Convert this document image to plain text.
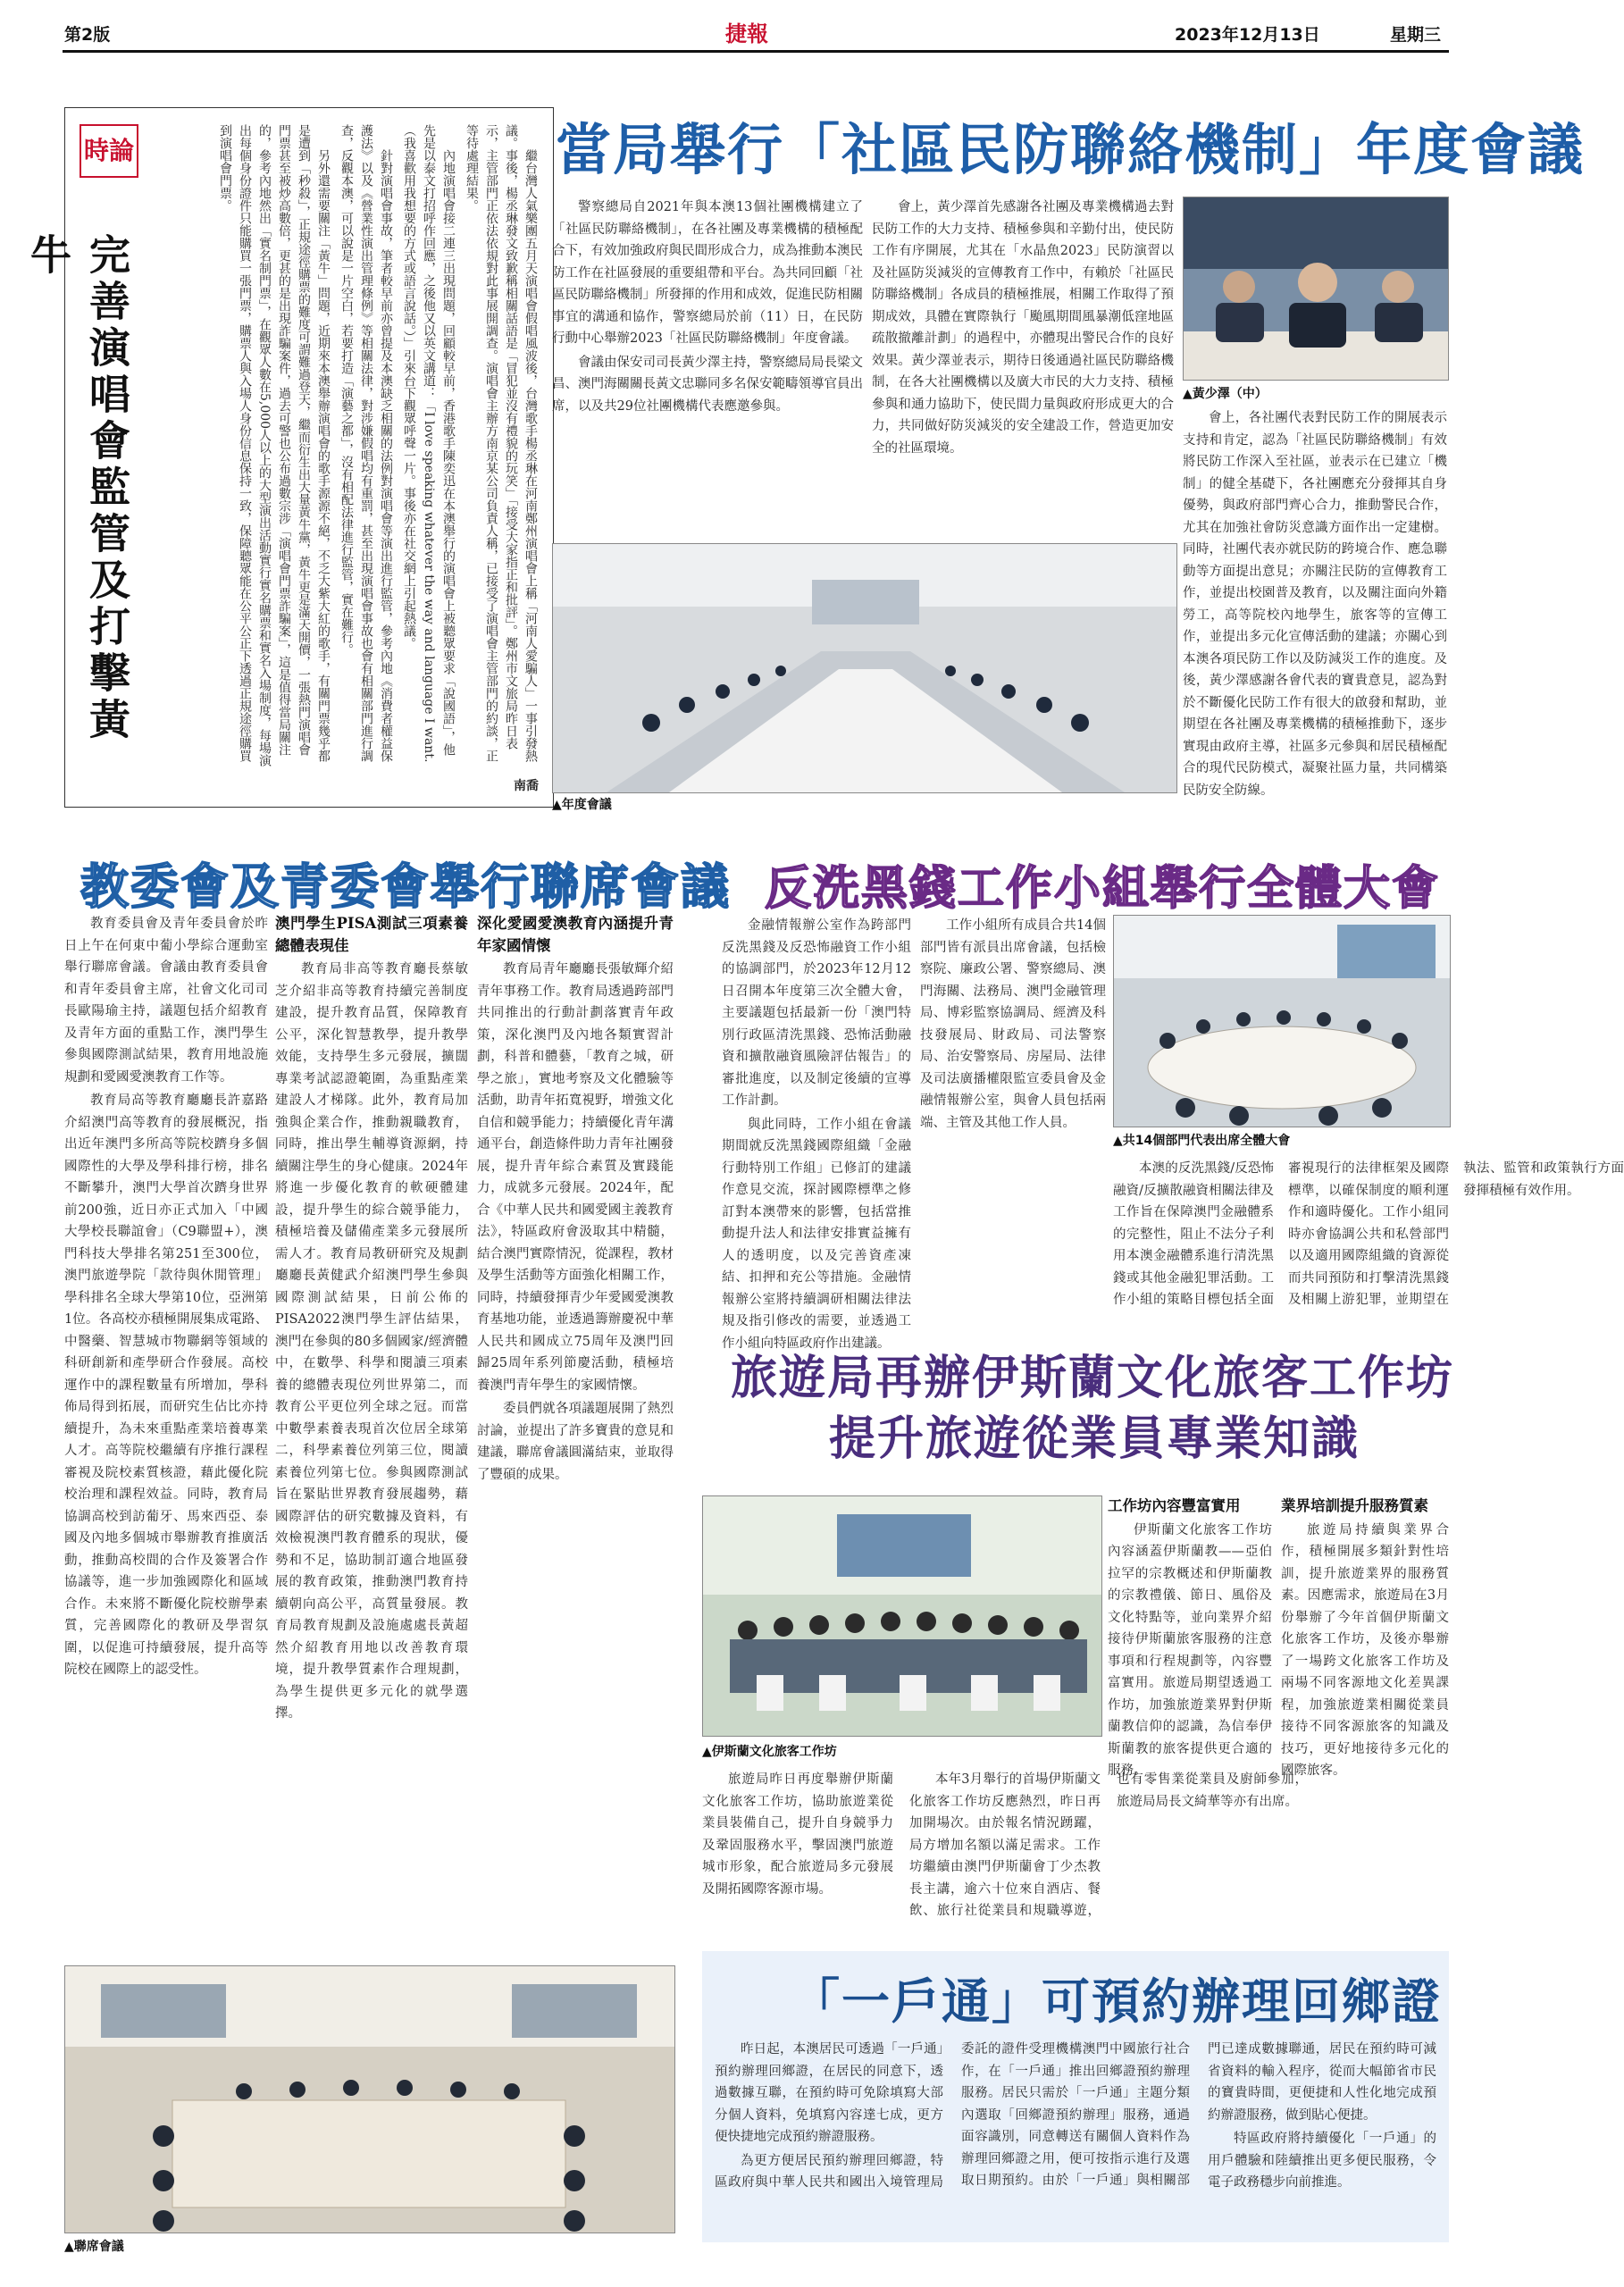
第2版	捷報	2023年12月13日	星期三
時論
完善演唱會監管及打擊黃牛	繼台灣人氣樂團五月天演唱會假唱風波後，台灣歌手楊丞琳在河南鄭州演唱會上稱「河南人愛騙人」一事引發熱議。事後，楊丞琳發文致歉稱相關話語是「冒犯並沒有禮貌的玩笑」「接受大家指正和批評」。鄭州市文旅局昨日表示，主管部門正依法依規對此事展開調查。演唱會主辦方南京某公司負責人稱，已接受了演唱會主管部門的約談，正等待處理結果。

內地演唱會接二連三出現問題，回顧較早前，香港歌手陳奕迅在本澳舉行的演唱會上被聽眾要求「說國語」，他先是以泰文打招呼作回應，之後他又以英文講道：「I love speaking whatever the way and language I want.（我喜歡用我想要的方式或語言說話。）」引來台下觀眾呼聲一片。事後亦在社交網上引起熱議。

針對演唱會事故，筆者較早前亦曾提及本澳缺乏相關的法例對演唱會等演出進行監管，參考內地《消費者權益保護法》以及《營業性演出管理條例》等相關法律，對涉嫌假唱均有重罰，甚至出現演唱會事故也會有相關部門進行調查，反觀本澳，可以說是一片空白，若要打造「演藝之都」，沒有相配法律進行監管，實在難行。

另外還需要關注「黃牛」問題，近期來本澳舉辦演唱會的歌手源源不絕，不乏大紫大紅的歌手，有關門票幾乎都是遭到「秒殺」，正規途徑購票的難度可謂難過登天，繼而衍生出大量黃牛黨，黃牛更是滿天開價，一張熱門演唱會門票甚至被炒高數倍，更甚的是出現詐騙案件，過去可警也公布過數宗涉「演唱會門票詐騙案」，這是值得當局關注的，參考內地然出「實名制門票」，在觀眾人數在5,000人以上的大型演出活動實行實名購票和實名入場制度，每場演出每個身份證件只能購買一張門票，購票人與入場人身份信息保持一致，保障聽眾能在公平公正下透過正規途徑購買到演唱會門票。

南喬
當局舉行「社區民防聯絡機制」年度會議

警察總局自2021年與本澳13個社團機構建立了「社區民防聯絡機制」，在各社團及專業機構的積極配合下，有效加強政府與民間形成合力，成為推動本澳民防工作在社區發展的重要組帶和平台。為共同回顧「社區民防聯絡機制」所發揮的作用和成效，促進民防相關事宜的溝通和協作，警察總局於前（11）日，在民防行動中心舉辦2023「社區民防聯絡機制」年度會議。

會議由保安司司長黃少澤主持，警察總局局長梁文昌、澳門海關關長黃文忠聯同多名保安範疇領導官員出席，以及共29位社團機構代表應邀參與。

會上，黃少澤首先感謝各社團及專業機構過去對民防工作的大力支持、積極參與和辛勤付出，使民防工作有序開展，尤其在「水晶魚2023」民防演習以及社區防災減災的宣傳教育工作中，有賴於「社區民防聯絡機制」各成員的積極推展，相關工作取得了預期成效，具體在實際執行「颱風期間風暴潮低窪地區疏散撤離計劃」的過程中，亦體現出警民合作的良好效果。黃少澤並表示，期待日後通過社區民防聯絡機制，在各大社團機構以及廣大市民的大力支持、積極參與和通力協助下，使民間力量與政府形成更大的合力，共同做好防災減災的安全建設工作，營造更加安全的社區環境。

▲黃少澤（中）

會上，各社團代表對民防工作的開展表示支持和肯定，認為「社區民防聯絡機制」有效將民防工作深入至社區，並表示在已建立「機制」的健全基礎下，各社團應充分發揮其自身優勢，與政府部門齊心合力，推動警民合作，尤其在加強社會防災意識方面作出一定建樹。同時，社團代表亦就民防的跨境合作、應急聯動等方面提出意見；亦關注民防的宣傳教育工作，並提出校園普及教育，以及關注面向外籍勞工，高等院校內地學生，旅客等的宣傳工作，並提出多元化宣傳活動的建議；亦關心到本澳各項民防工作以及防減災工作的進度。及後，黃少澤感謝各會代表的寶貴意見，認為對於不斷優化民防工作有很大的啟發和幫助，並期望在各社團及專業機構的積極推動下，逐步實現由政府主導，社區多元參與和居民積極配合的現代民防模式，凝聚社區力量，共同構築民防安全防線。

▲年度會議
教委會及青委會舉行聯席會議

教育委員會及青年委員會於昨日上午在何東中葡小學綜合運動室舉行聯席會議。會議由教育委員會和青年委員會主席，社會文化司司長歐陽瑜主持，議題包括介紹教育及青年方面的重點工作，澳門學生參與國際測試結果，教育用地設施規劃和愛國愛澳教育工作等。

教育局高等教育廳廳長許嘉路介紹澳門高等教育的發展概況，指出近年澳門多所高等院校躋身多個國際性的大學及學科排行榜，排名不斷攀升，澳門大學首次躋身世界前200強，近日亦正式加入「中國大學校長聯誼會」（C9聯盟+），澳門科技大學排名第251至300位，澳門旅遊學院「款待與休閒管理」學科排名全球大學第10位，亞洲第1位。各高校亦積極開展集成電路、中醫藥、智慧城市物聯網等領域的科研創新和產學研合作發展。高校運作中的課程數量有所增加，學科佈局得到拓展，而研究生佔比亦持續提升，為未來重點產業培養專業人才。高等院校繼續有序推行課程審視及院校素質核證，藉此優化院校治理和課程效益。同時，教育局協調高校到訪葡牙、馬來西亞、泰國及內地多個城市舉辦教育推廣活動，推動高校間的合作及簽署合作協議等，進一步加強國際化和區域合作。未來將不斷優化院校辦學素質，完善國際化的教研及學習氛圍，以促進可持續發展，提升高等院校在國際上的認受性。

澳門學生PISA測試三項素養總體表現佳

教育局非高等教育廳長蔡敏芝介紹非高等教育持續完善制度建設，提升教育品質，保障教育公平，深化智慧教學，提升教學效能，支持學生多元發展，擴闊專業考試認證範圍，為重點產業建設人才梯隊。此外，教育局加強與企業合作，推動親職教育，同時，推出學生輔導資源網，持續關注學生的身心健康。2024年將進一步優化教育的軟硬體建設，提升學生的綜合競爭能力，積極培養及儲備產業多元發展所需人才。教育局教研研究及規劃廳廳長黃健武介紹澳門學生參與國際測試結果，日前公佈的PISA2022澳門學生評估結果，澳門在參與的80多個國家/經濟體中，在數學、科學和閱讀三項素養的總體表現位列世界第二，而教育公平更位列全球之冠。而當中數學素養表現首次位居全球第二，科學素養位列第三位，閱讀素養位列第七位。參與國際測試旨在緊貼世界教育發展趨勢，藉國際評估的研究數據及資料，有效檢視澳門教育體系的現狀，優勢和不足，協助制訂適合地區發展的教育政策，推動澳門教育持續朝向高公平，高質量發展。教育局教育規劃及設施處處長黃超然介紹教育用地以改善教育環境，提升教學質素作合理規劃，為學生提供更多元化的就學選擇。

深化愛國愛澳教育內涵提升青年家國情懷

教育局青年廳廳長張敏輝介紹青年事務工作。教育局透過跨部門共同推出的行動計劃落實青年政策，深化澳門及內地各類實習計劃，科普和體藝，「教育之城，研學之旅」，實地考察及文化體驗等活動，助青年拓寬視野，增強文化自信和競爭能力；持續優化青年溝通平台，創造條件助力青年社團發展，提升青年綜合素質及實踐能力，成就多元發展。2024年，配合《中華人民共和國愛國主義教育法》，特區政府會汲取其中精髓，結合澳門實際情況，從課程，教材及學生活動等方面強化相關工作，同時，持續發揮青少年愛國愛澳教育基地功能，並透過籌辦慶祝中華人民共和國成立75周年及澳門回歸25周年系列節慶活動，積極培養澳門青年學生的家國情懷。

委員們就各項議題展開了熱烈討論，並提出了許多寶貴的意見和建議，聯席會議圓滿結束，並取得了豐碩的成果。

▲聯席會議
反洗黑錢工作小組舉行全體大會

金融情報辦公室作為跨部門反洗黑錢及反恐怖融資工作小組的協調部門，於2023年12月12日召開本年度第三次全體大會，主要議題包括最新一份「澳門特別行政區清洗黑錢、恐怖活動融資和擴散融資風險評估報告」的審批進度，以及制定後續的宣導工作計劃。

與此同時，工作小組在會議期間就反洗黑錢國際組織「金融行動特別工作組」已修訂的建議作意見交流，探討國際標準之修訂對本澳帶來的影響，包括當推動提升法人和法律安排實益擁有人的透明度，以及完善資產凍結、扣押和充公等措施。金融情報辦公室將持續調研相關法律法規及指引修改的需要，並透過工作小組向特區政府作出建議。

工作小組所有成員合共14個部門皆有派員出席會議，包括檢察院、廉政公署、警察總局、澳門海關、法務局、澳門金融管理局、博彩監察協調局、經濟及科技發展局、財政局、司法警察局、治安警察局、房屋局、法律及司法廣播權限監宣委員會及金融情報辦公室，與會人員包括兩端、主管及其他工作人員。

▲共14個部門代表出席全體大會

本澳的反洗黑錢/反恐怖融資/反擴散融資相關法律及工作旨在保障澳門金融體系的完整性，阻止不法分子利用本澳金融體系進行清洗黑錢或其他金融犯罪活動。工作小組的策略目標包括全面審視現行的法律框架及國際標準，以確保制度的順利運作和適時優化。工作小組同時亦會協調公共和私營部門以及適用國際組織的資源從而共同預防和打擊清洗黑錢及相關上游犯罪，並期望在執法、監管和政策執行方面發揮積極有效作用。

旅遊局再辦伊斯蘭文化旅客工作坊
提升旅遊從業員專業知識
▲伊斯蘭文化旅客工作坊

旅遊局昨日再度舉辦伊斯蘭文化旅客工作坊，協助旅遊業從業員裝備自己，提升自身競爭力及鞏固服務水平，擊固澳門旅遊城市形象，配合旅遊局多元發展及開拓國際客源市場。

本年3月舉行的首場伊斯蘭文化旅客工作坊反應熱烈，昨日再加開場次。由於報名情況踴躍，局方增加名額以滿足需求。工作坊繼續由澳門伊斯蘭會丁少杰教長主講，逾六十位來自酒店、餐飲、旅行社從業員和規職導遊，也有零售業從業員及廚師參加，旅遊局局長文綺華等亦有出席。

工作坊內容豐富實用

伊斯蘭文化旅客工作坊內容涵蓋伊斯蘭教——亞伯拉罕的宗教概述和伊斯蘭教的宗教禮儀、節日、風俗及文化特點等，並向業界介紹接待伊斯蘭旅客服務的注意事項和行程規劃等，內容豐富實用。旅遊局期望透過工作坊，加強旅遊業界對伊斯蘭教信仰的認識，為信奉伊斯蘭教的旅客提供更合適的服務。

業界培訓提升服務質素

旅遊局持續與業界合作，積極開展多類針對性培訓，提升旅遊業界的服務質素。因應需求，旅遊局在3月份舉辦了今年首個伊斯蘭文化旅客工作坊，及後亦舉辦了一場跨文化旅客工作坊及兩場不同客源地文化差異課程，加強旅遊業相關從業員接待不同客源旅客的知識及技巧，更好地接待多元化的國際旅客。

「一戶通」可預約辦理回鄉證

昨日起，本澳居民可透過「一戶通」預約辦理回鄉證，在居民的同意下，透過數據互聯，在預約時可免除填寫大部分個人資料，免填寫內容達七成，更方便快捷地完成預約辦證服務。

為更方便居民預約辦理回鄉證，特區政府與中華人民共和國出入境管理局委託的證件受理機構澳門中國旅行社合作，在「一戶通」推出回鄉證預約辦理服務。居民只需於「一戶通」主題分類內選取「回鄉證預約辦理」服務，通過面容識別，同意轉送有關個人資料作為辦理回鄉證之用，便可按指示進行及選取日期預約。由於「一戶通」與相關部門已達成數據聯通，居民在預約時可減省資料的輸入程序，從而大幅節省市民的寶貴時間，更便捷和人性化地完成預約辦證服務，做到貼心便捷。

特區政府將持續優化「一戶通」的用戶體驗和陸續推出更多便民服務，令電子政務穩步向前推進。
